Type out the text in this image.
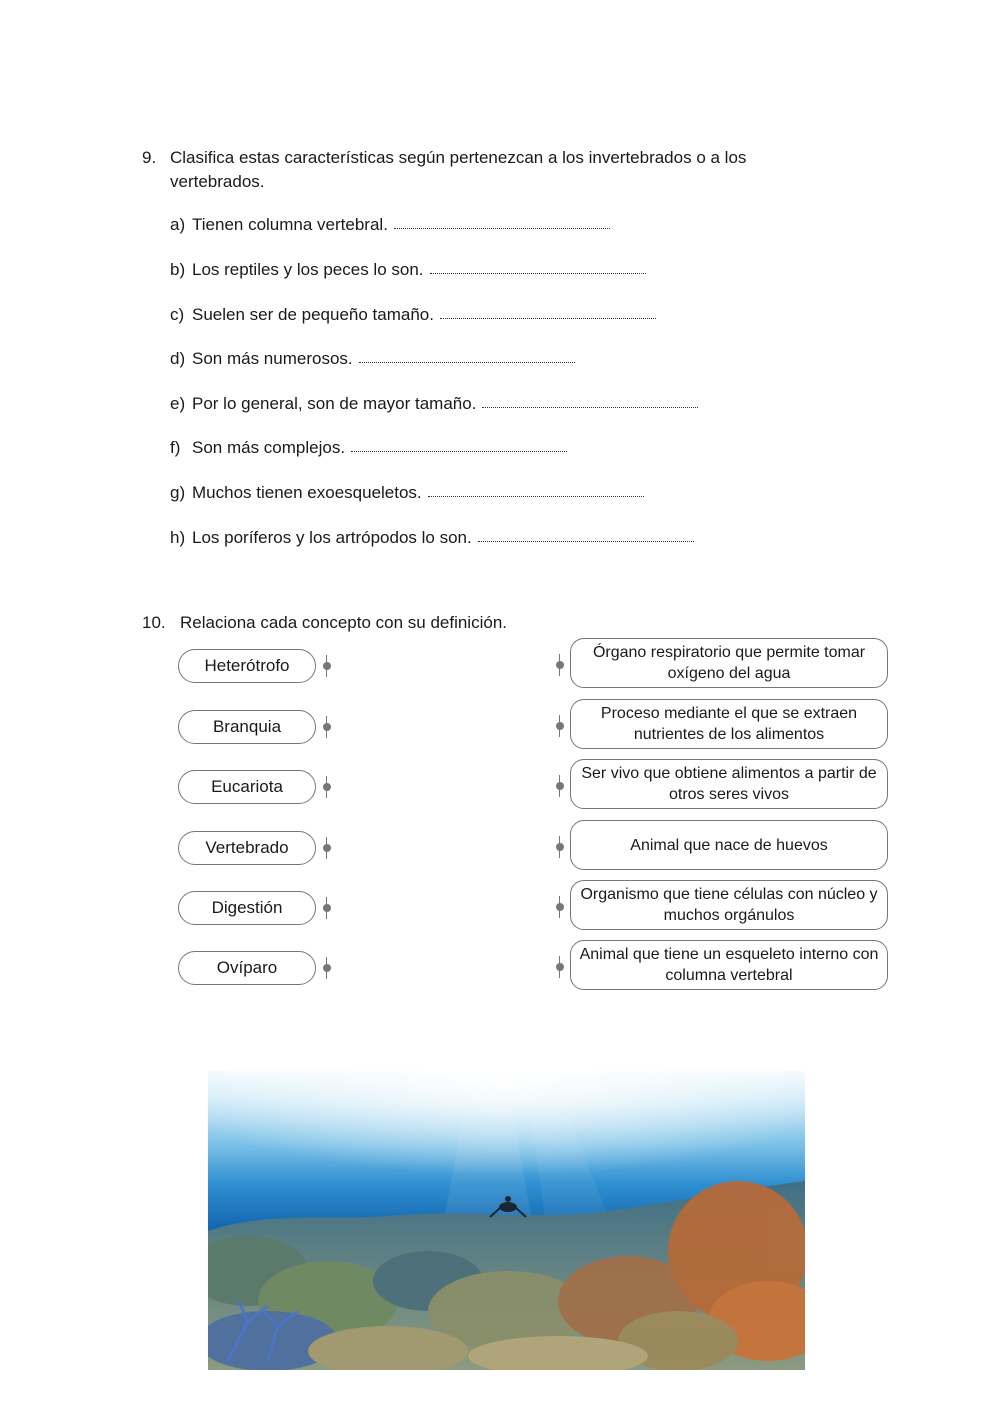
9. Clasifica estas características según pertenezcan a los invertebrados o a los vertebrados.
a) Tienen columna vertebral.
b) Los reptiles y los peces lo son.
c) Suelen ser de pequeño tamaño.
d) Son más numerosos.
e) Por lo general, son de mayor tamaño.
f) Son más complejos.
g) Muchos tienen exoesqueletos.
h) Los poríferos y los artrópodos lo son.
10. Relaciona cada concepto con su definición.
Heterótrofo
Branquia
Eucariota
Vertebrado
Digestión
Ovíparo
Órgano respiratorio que permite tomar oxígeno del agua
Proceso mediante el que se extraen nutrientes de los alimentos
Ser vivo que obtiene alimentos a partir de otros seres vivos
Animal que nace de huevos
Organismo que tiene células con núcleo y muchos orgánulos
Animal que tiene un esqueleto interno con columna vertebral
